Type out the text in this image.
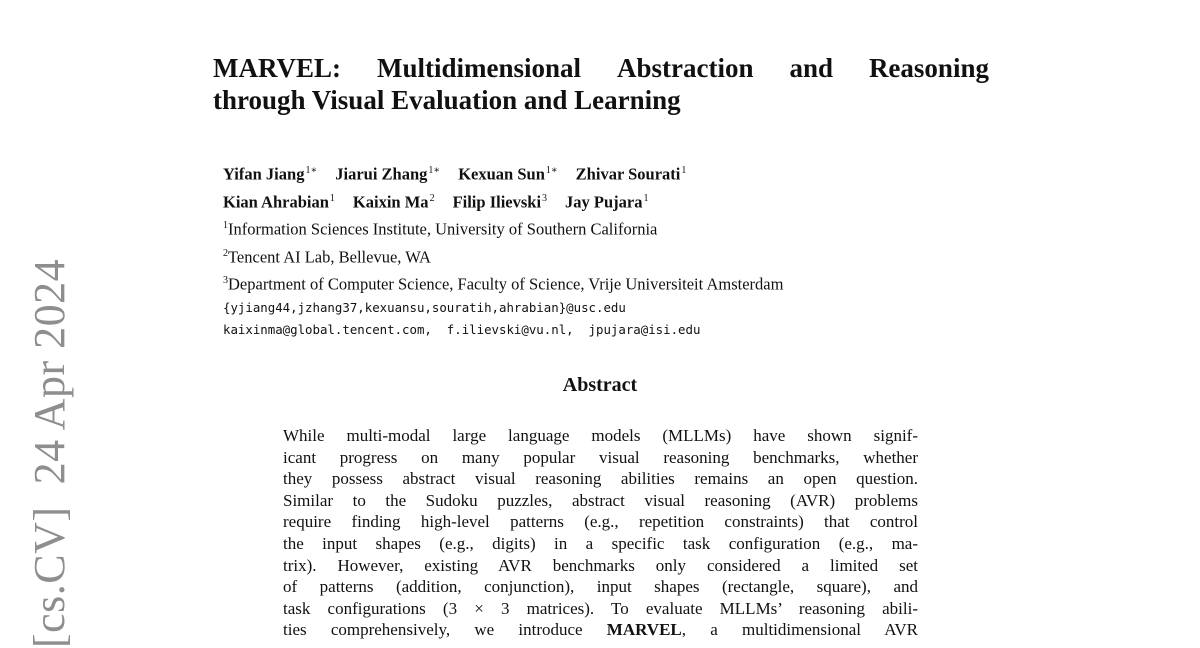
[cs.CV]24 Apr 2024
MARVEL: Multidimensional Abstraction and Reasoning
through Visual Evaluation and Learning
Yifan Jiang$^{1∗}$ Jiarui Zhang$^{1∗}$ Kexuan Sun$^{1∗}$ Zhivar Sourati$^1$
Kian Ahrabian$^1$ Kaixin Ma$^2$ Filip Ilievski$^3$ Jay Pujara$^1$
$^1$Information Sciences Institute, University of Southern California
$^2$Tencent AI Lab, Bellevue, WA
$^3$Department of Computer Science, Faculty of Science, Vrije Universiteit Amsterdam
{yjiang44,jzhang37,kexuansu,souratih,ahrabian}@usc.edu
kaixinma@global.tencent.com,  f.ilievski@vu.nl,  jpujara@isi.edu
Abstract
While multi-modal large language models (MLLMs) have shown signif-
icant progress on many popular visual reasoning benchmarks, whether
they possess abstract visual reasoning abilities remains an open question.
Similar to the Sudoku puzzles, abstract visual reasoning (AVR) problems
require finding high-level patterns (e.g., repetition constraints) that control
the input shapes (e.g., digits) in a specific task configuration (e.g., ma-
trix). However, existing AVR benchmarks only considered a limited set
of patterns (addition, conjunction), input shapes (rectangle, square), and
task configurations (3 × 3 matrices). To evaluate MLLMs’ reasoning abili-
ties comprehensively, we introduce MARVEL, a multidimensional AVR
